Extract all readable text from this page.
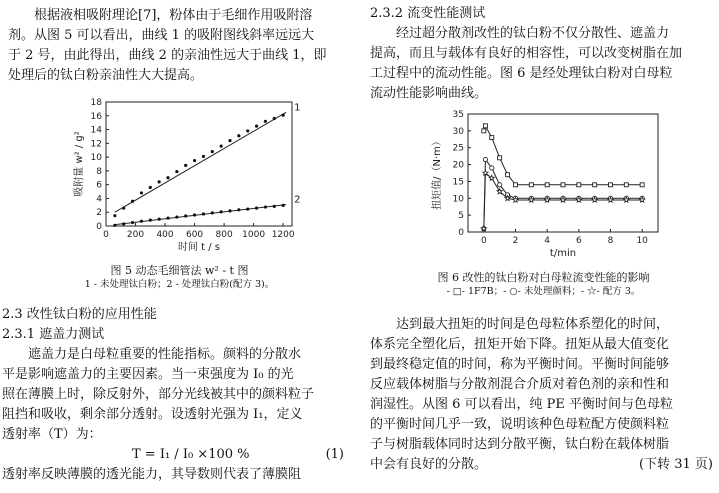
根据液相吸附理论[7]，粉体由于毛细作用吸附溶

剂。从图 5 可以看出，曲线 1 的吸附图线斜率远远大

于 2 号，由此得出，曲线 2 的亲油性远大于曲线 1，即

处理后的钛白粉亲油性大大提高。

0 200 400 600 800 1000 1200
0
2
4
6
8
10
12
14
16
18
时间 t / s
吸附量 w² / g²
1
2

图 5 动态毛细管法 w² - t 图

1 - 未处理钛白粉；2 - 处理钛白粉(配方 3)。

2.3 改性钛白粉的应用性能

2.3.1 遮盖力测试

遮盖力是白母粒重要的性能指标。颜料的分散水

平是影响遮盖力的主要因素。当一束强度为 I₀ 的光

照在薄膜上时，除反射外，部分光线被其中的颜料粒子

阻挡和吸收，剩余部分透射。设透射光强为 I₁，定义

透射率（T）为：

T = I₁ / I₀ ×100 %	(1)

透射率反映薄膜的透光能力，其导数则代表了薄膜阻

2.3.2 流变性能测试

经过超分散剂改性的钛白粉不仅分散性、遮盖力

提高，而且与载体有良好的相容性，可以改变树脂在加

工过程中的流动性能。图 6 是经处理钛白粉对白母粒

流动性能影响曲线。

0	2	4	6	8	10
0
5
10
15
20
25
30
35
t/min
扭矩值/（N·m）

图 6 改性的钛白粉对白母粒流变性能的影响

- □- 1F7B；- ○- 未处理颜料；- ☆- 配方 3。

达到最大扭矩的时间是色母粒体系塑化的时间，

体系完全塑化后，扭矩开始下降。扭矩从最大值变化

到最终稳定值的时间，称为平衡时间。平衡时间能够

反应载体树脂与分散剂混合介质对着色剂的亲和性和

润湿性。从图 6 可以看出，纯 PE 平衡时间与色母粒

的平衡时间几乎一致，说明该种色母粒配方使颜料粒

子与树脂载体同时达到分散平衡，钛白粉在载体树脂

中会有良好的分散。	(下转 31 页)
